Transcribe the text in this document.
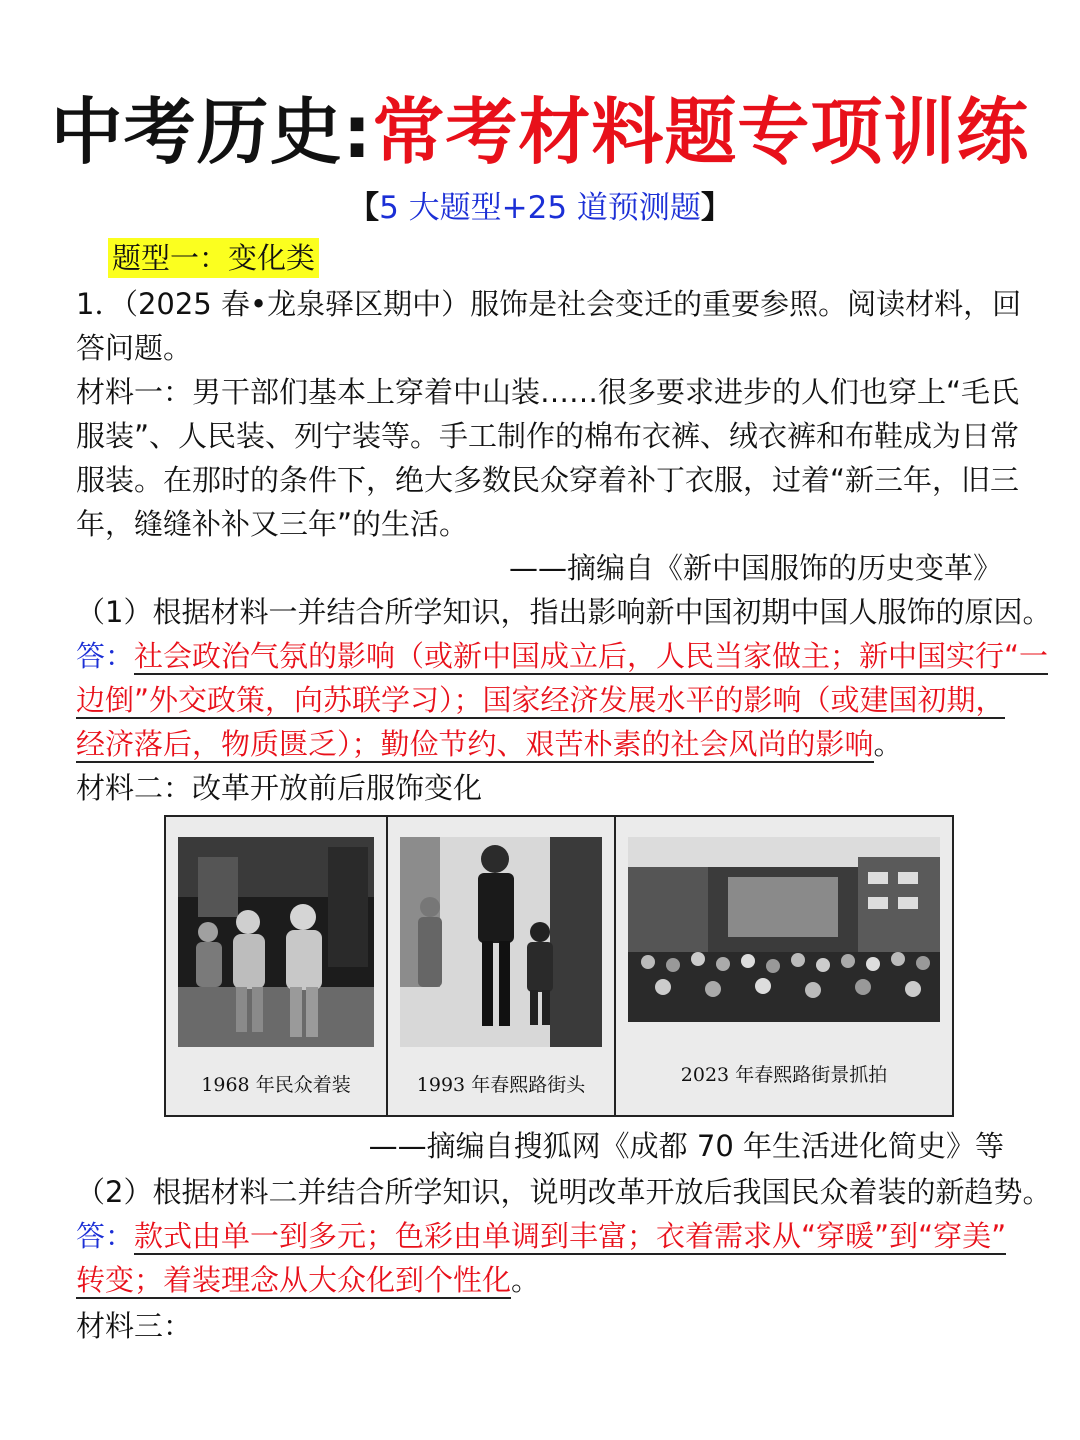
中考历史:常考材料题专项训练
【5 大题型+25 道预测题】
题型一：变化类
1．（2025 春•龙泉驿区期中）服饰是社会变迁的重要参照。阅读材料，回
答问题。
材料一：男干部们基本上穿着中山装……很多要求进步的人们也穿上“毛氏
服装”、人民装、列宁装等。手工制作的棉布衣裤、绒衣裤和布鞋成为日常
服装。在那时的条件下，绝大多数民众穿着补丁衣服，过着“新三年，旧三
年，缝缝补补又三年”的生活。
——摘编自《新中国服饰的历史变革》
（1）根据材料一并结合所学知识，指出影响新中国初期中国人服饰的原因。
答：社会政治气氛的影响（或新中国成立后，人民当家做主；新中国实行“一
边倒”外交政策，向苏联学习）；国家经济发展水平的影响（或建国初期，
经济落后，物质匮乏）；勤俭节约、艰苦朴素的社会风尚的影响。
材料二：改革开放前后服饰变化
1968 年民众着装	1993 年春熙路街头	2023 年春熙路街景抓拍
——摘编自搜狐网《成都 70 年生活进化简史》等
（2）根据材料二并结合所学知识，说明改革开放后我国民众着装的新趋势。
答：款式由单一到多元；色彩由单调到丰富；衣着需求从“穿暖”到“穿美”
转变；着装理念从大众化到个性化。
材料三：
